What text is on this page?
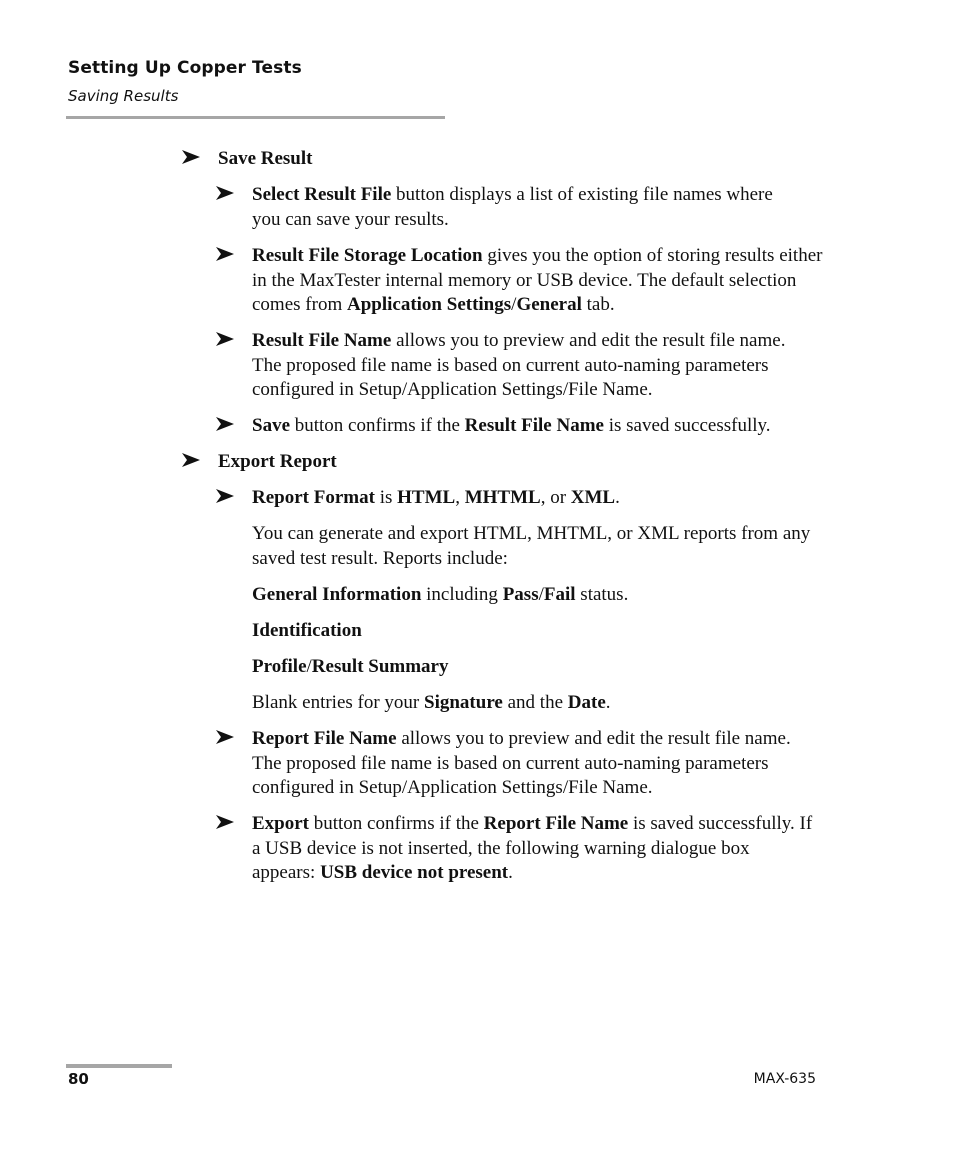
Setting Up Copper Tests
Saving Results
Save Result
Select Result File button displays a list of existing file names where you can save your results.
Result File Storage Location gives you the option of storing results either in the MaxTester internal memory or USB device. The default selection comes from Application Settings/General tab.
Result File Name allows you to preview and edit the result file name. The proposed file name is based on current auto-naming parameters configured in Setup/Application Settings/File Name.
Save button confirms if the Result File Name is saved successfully.
Export Report
Report Format is HTML, MHTML, or XML.
You can generate and export HTML, MHTML, or XML reports from any saved test result. Reports include:
General Information including Pass/Fail status.
Identification
Profile/Result Summary
Blank entries for your Signature and the Date.
Report File Name allows you to preview and edit the result file name. The proposed file name is based on current auto-naming parameters configured in Setup/Application Settings/File Name.
Export button confirms if the Report File Name is saved successfully. If a USB device is not inserted, the following warning dialogue box appears: USB device not present.
80	MAX-635
